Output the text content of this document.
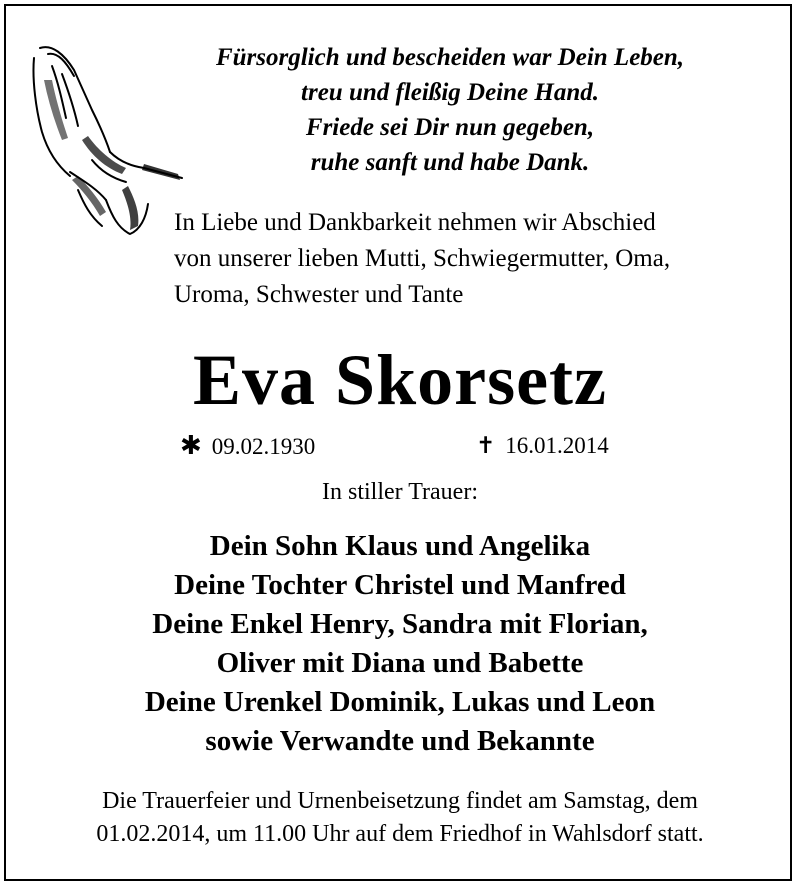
Fürsorglich und bescheiden war Dein Leben,
treu und fleißig Deine Hand.
Friede sei Dir nun gegeben,
ruhe sanft und habe Dank.
In Liebe und Dankbarkeit nehmen wir Abschied
von unserer lieben Mutti, Schwiegermutter, Oma,
Uroma, Schwester und Tante
Eva Skorsetz
✱ 09.02.1930	✝ 16.01.2014
In stiller Trauer:
Dein Sohn Klaus und Angelika
Deine Tochter Christel und Manfred
Deine Enkel Henry, Sandra mit Florian,
Oliver mit Diana und Babette
Deine Urenkel Dominik, Lukas und Leon
sowie Verwandte und Bekannte
Die Trauerfeier und Urnenbeisetzung findet am Samstag, dem
01.02.2014, um 11.00 Uhr auf dem Friedhof in Wahlsdorf statt.
